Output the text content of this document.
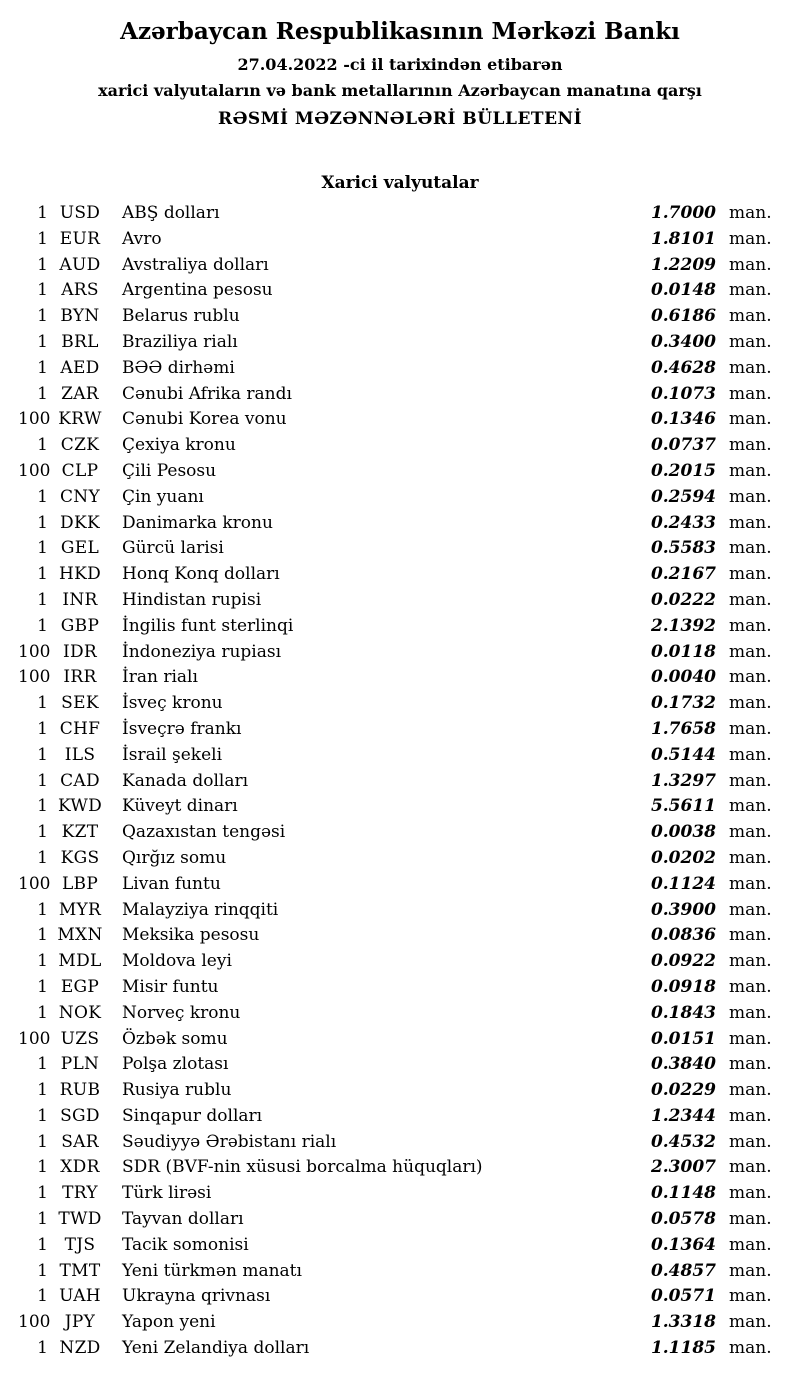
Azərbaycan Respublikasının Mərkəzi Bankı
27.04.2022 -ci il tarixindən etibarən
xarici valyutaların və bank metallarının Azərbaycan manatına qarşı
RƏSMİ MƏZƏNNƏLƏRİ BÜLLETENİ
Xarici valyutalar
1 USD	ABŞ dolları	1.7000 man.
1 EUR	Avro	1.8101 man.
1 AUD	Avstraliya dolları	1.2209 man.
1 ARS	Argentina pesosu	0.0148 man.
1 BYN	Belarus rublu	0.6186 man.
1 BRL	Braziliya rialı	0.3400 man.
1 AED	BƏƏ dirhəmi	0.4628 man.
1 ZAR	Cənubi Afrika randı	0.1073 man.
100 KRW	Cənubi Korea vonu	0.1346 man.
1 CZK	Çexiya kronu	0.0737 man.
100 CLP	Çili Pesosu	0.2015 man.
1 CNY	Çin yuanı	0.2594 man.
1 DKK	Danimarka kronu	0.2433 man.
1 GEL	Gürcü larisi	0.5583 man.
1 HKD	Honq Konq dolları	0.2167 man.
1 INR	Hindistan rupisi	0.0222 man.
1 GBP	İngilis funt sterlinqi	2.1392 man.
100 IDR	İndoneziya rupiası	0.0118 man.
100 IRR	İran rialı	0.0040 man.
1 SEK	İsveç kronu	0.1732 man.
1 CHF	İsveçrə frankı	1.7658 man.
1 ILS	İsrail şekeli	0.5144 man.
1 CAD	Kanada dolları	1.3297 man.
1 KWD	Küveyt dinarı	5.5611 man.
1 KZT	Qazaxıstan tengəsi	0.0038 man.
1 KGS	Qırğız somu	0.0202 man.
100 LBP	Livan funtu	0.1124 man.
1 MYR	Malayziya rinqqiti	0.3900 man.
1 MXN	Meksika pesosu	0.0836 man.
1 MDL	Moldova leyi	0.0922 man.
1 EGP	Misir funtu	0.0918 man.
1 NOK	Norveç kronu	0.1843 man.
100 UZS	Özbək somu	0.0151 man.
1 PLN	Polşa zlotası	0.3840 man.
1 RUB	Rusiya rublu	0.0229 man.
1 SGD	Sinqapur dolları	1.2344 man.
1 SAR	Səudiyyə Ərəbistanı rialı	0.4532 man.
1 XDR	SDR (BVF-nin xüsusi borcalma hüquqları)	2.3007 man.
1 TRY	Türk lirəsi	0.1148 man.
1 TWD	Tayvan dolları	0.0578 man.
1 TJS	Tacik somonisi	0.1364 man.
1 TMT	Yeni türkmən manatı	0.4857 man.
1 UAH	Ukrayna qrivnası	0.0571 man.
100 JPY	Yapon yeni	1.3318 man.
1 NZD	Yeni Zelandiya dolları	1.1185 man.
